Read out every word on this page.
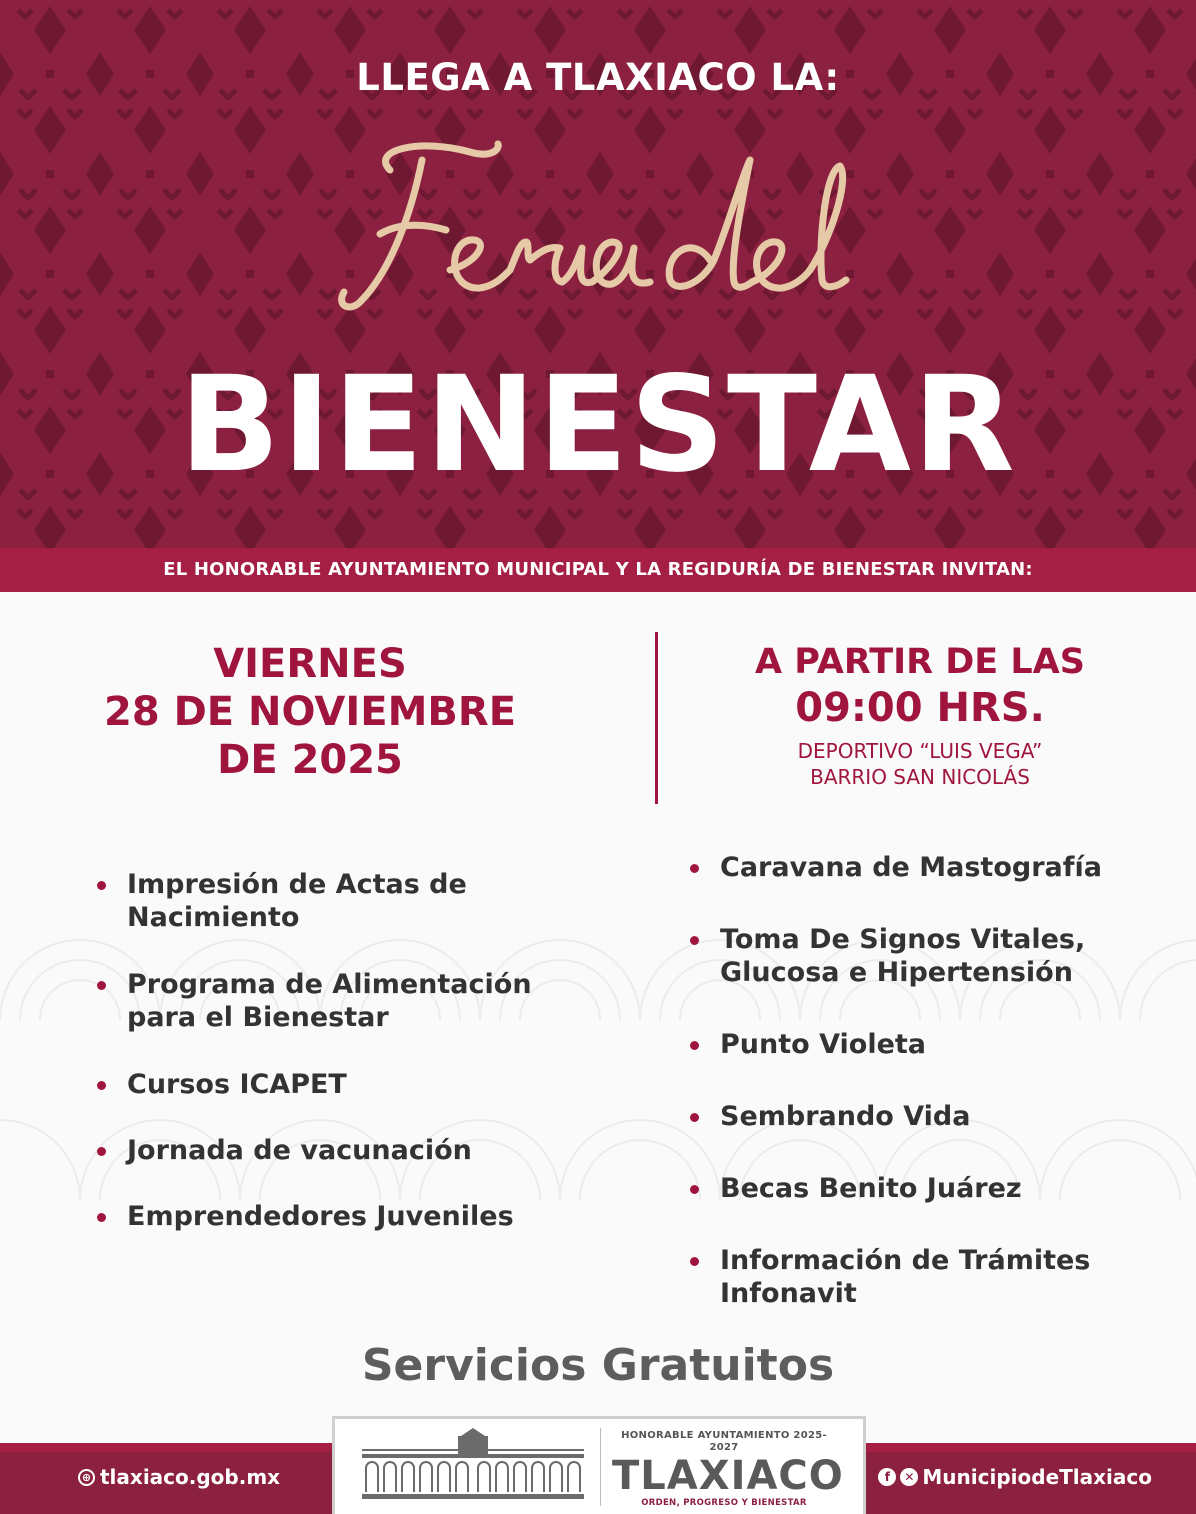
LLEGA A TLAXIACO LA:
BIENESTAR
EL HONORABLE AYUNTAMIENTO MUNICIPAL Y LA REGIDURÍA DE BIENESTAR INVITAN:
VIERNES
28 DE NOVIEMBRE
DE 2025
A PARTIR DE LAS
09:00 HRS.
DEPORTIVO “LUIS VEGA”
BARRIO SAN NICOLÁS
Impresión de Actas de Nacimiento
Programa de Alimentación para el Bienestar
Cursos ICAPET
Jornada de vacunación
Emprendedores Juveniles
Caravana de Mastografía
Toma De Signos Vitales, Glucosa e Hipertensión
Punto Violeta
Sembrando Vida
Becas Benito Juárez
Información de Trámites Infonavit
Servicios Gratuitos
⊕ tlaxiaco.gob.mx	f	✕ MunicipiodeTlaxiaco
HONORABLE AYUNTAMIENTO 2025-2027
TLAXIACO
ORDEN, PROGRESO Y BIENESTAR
